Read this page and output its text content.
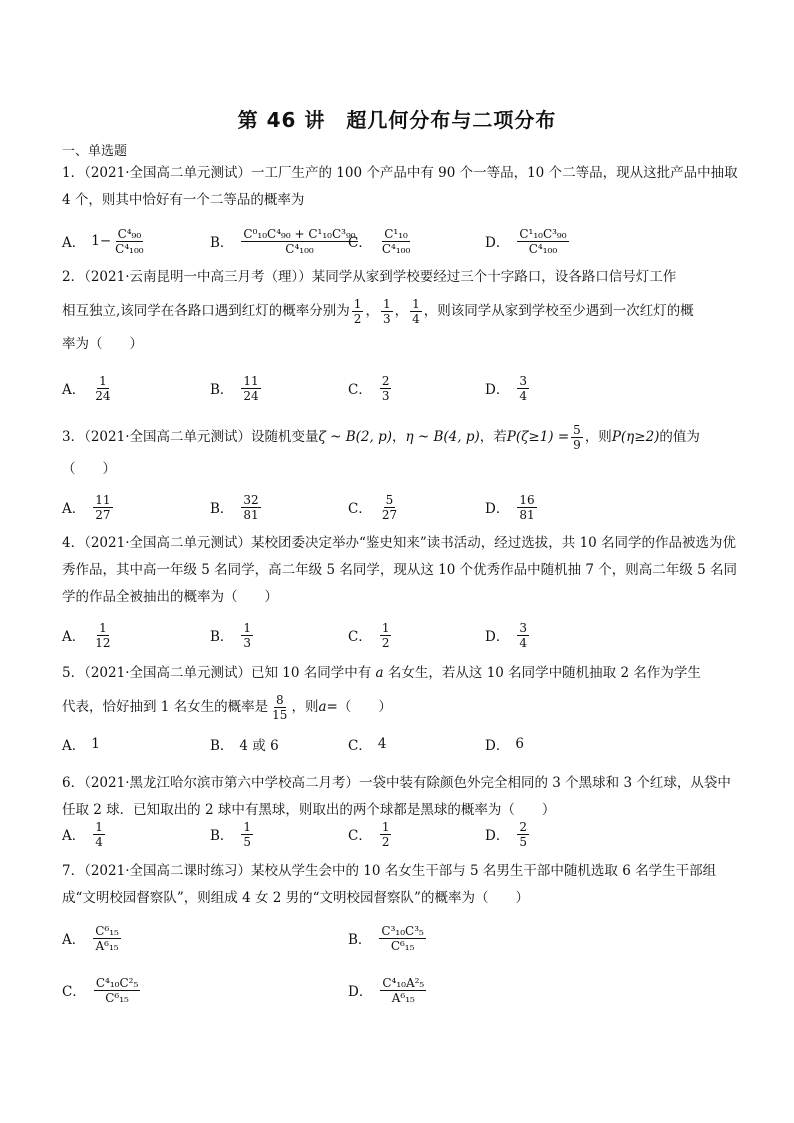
第 46 讲　超几何分布与二项分布
一、单选题
1．（2021·全国高二单元测试）一工厂生产的 100 个产品中有 90 个一等品，10 个二等品，现从这批产品中抽取 4 个，则其中恰好有一个二等品的概率为
A． $1- \frac{\text{C⁴₉₀}}{\text{C⁴₁₀₀}}$	B． $\frac{\text{C⁰₁₀C⁴₉₀ + C¹₁₀C³₉₀}}{\text{C⁴₁₀₀}}$
C． $\frac{\text{C¹₁₀}}{\text{C⁴₁₀₀}}$	D． $\frac{\text{C¹₁₀C³₉₀}}{\text{C⁴₁₀₀}}$
2．（2021·云南昆明一中高三月考（理））某同学从家到学校要经过三个十字路口，设各路口信号灯工作
相互独立,该同学在各路口遇到红灯的概率分别为 $\frac{1}{2}$ ， $\frac{1}{3}$ ， $\frac{1}{4}$ ，则该同学从家到学校至少遇到一次红灯的概
率为（　　）
A． $\frac{1}{24}$	B． $\frac{11}{24}$	C． $\frac{2}{3}$	D． $\frac{3}{4}$
3．（2021·全国高二单元测试）设随机变量 ζ ~ B(2, p) ， η ~ B(4, p) ，若 $P(\zeta\ge 1) = \frac{5}{9}$ ，则 P(η≥2) 的值为
（　　）
A． $\frac{11}{27}$	B． $\frac{32}{81}$	C． $\frac{5}{27}$	D． $\frac{16}{81}$
4．（2021·全国高二单元测试）某校团委决定举办“鉴史知来”读书活动，经过选拔，共 10 名同学的作品被选为优秀作品，其中高一年级 5 名同学，高二年级 5 名同学，现从这 10 个优秀作品中随机抽 7 个，则高二年级 5 名同学的作品全被抽出的概率为（　　）
A． $\frac{1}{12}$	B． $\frac{1}{3}$	C． $\frac{1}{2}$	D． $\frac{3}{4}$
5．（2021·全国高二单元测试）已知 10 名同学中有 a 名女生，若从这 10 名同学中随机抽取 2 名作为学生
代表，恰好抽到 1 名女生的概率是 $\frac{8}{15}$ ，则 a =（　　）
A． 1	B． 4 或 6	C． 4	D． 6
6．（2021·黑龙江哈尔滨市第六中学校高二月考）一袋中装有除颜色外完全相同的 3 个黑球和 3 个红球，从袋中任取 2 球．已知取出的 2 球中有黑球，则取出的两个球都是黑球的概率为（　　）
A． $\frac{1}{4}$	B． $\frac{1}{5}$	C． $\frac{1}{2}$	D． $\frac{2}{5}$
7．（2021·全国高二课时练习）某校从学生会中的 10 名女生干部与 5 名男生干部中随机选取 6 名学生干部组成“文明校园督察队”，则组成 4 女 2 男的“文明校园督察队”的概率为（　　）
A． $\frac{\text{C⁶₁₅}}{\text{A⁶₁₅}}$	B． $\frac{\text{C³₁₀C³₅}}{\text{C⁶₁₅}}$
C． $\frac{\text{C⁴₁₀C²₅}}{\text{C⁶₁₅}}$	D． $\frac{\text{C⁴₁₀A²₅}}{\text{A⁶₁₅}}$
